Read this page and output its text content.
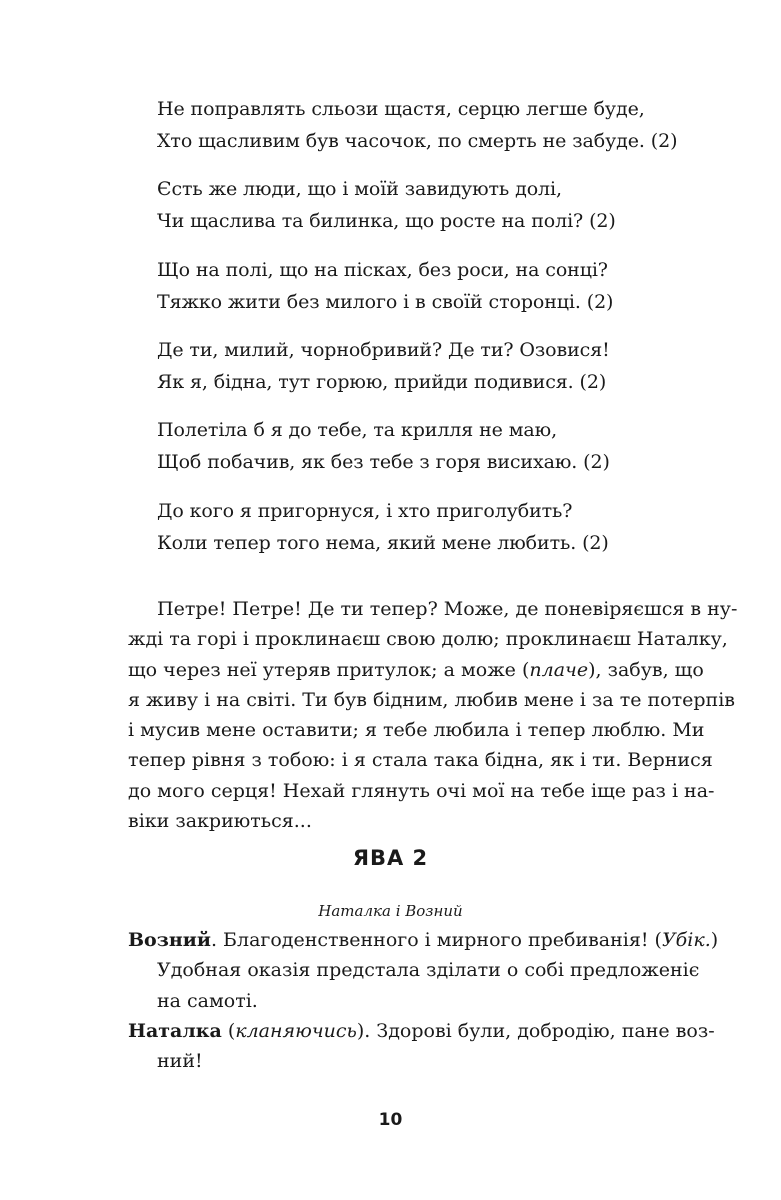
Не поправлять сльози щастя, серцю легше буде,
Хто щасливим був часочок, по смерть не забуде. (2)
Єсть же люди, що і моїй завидують долі,
Чи щаслива та билинка, що росте на полі? (2)
Що на полі, що на пісках, без роси, на сонці?
Тяжко жити без милого і в своїй сторонці. (2)
Де ти, милий, чорнобривий? Де ти? Озовися!
Як я, бідна, тут горюю, прийди подивися. (2)
Полетіла б я до тебе, та крилля не маю,
Щоб побачив, як без тебе з горя висихаю. (2)
До кого я пригорнуся, і хто приголубить?
Коли тепер того нема, який мене любить. (2)
Петре! Петре! Де ти тепер? Може, де поневіряєшся в ну-
жді та горі і проклинаєш свою долю; проклинаєш Наталку,
що через неї утеряв притулок; а може (плаче), забув, що
я живу і на світі. Ти був бідним, любив мене і за те потерпів
і мусив мене оставити; я тебе любила і тепер люблю. Ми
тепер рівня з тобою: і я стала така бідна, як і ти. Вернися
до мого серця! Нехай глянуть очі мої на тебе іще раз і на-
віки закриються...
ЯВА 2
Наталка і Возний
Возний. Благоденственного і мирного пребиванія! (Убік.)
Удобная оказія предстала зділати о собі предложеніє
на самоті.
Наталка (кланяючись). Здорові були, добродію, пане воз-
ний!
10
